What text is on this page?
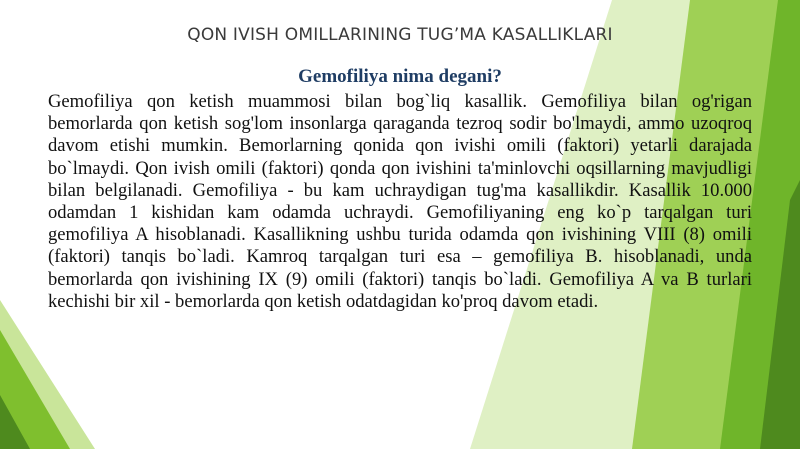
QON IVISH OMILLARINING TUG’MA KASALLIKLARI
Gemofiliya nima degani?
Gemofiliya qon ketish muammosi bilan bog`liq kasallik. Gemofiliya bilan og'rigan bemorlarda qon ketish sog'lom insonlarga qaraganda tezroq sodir bo'lmaydi, ammo uzoqroq davom etishi mumkin. Bemorlarning qonida qon ivishi omili (faktori) yetarli darajada bo`lmaydi. Qon ivish omili (faktori) qonda qon ivishini ta'minlovchi oqsillarning mavjudligi bilan belgilanadi. Gemofiliya - bu kam uchraydigan tug'ma kasallikdir. Kasallik 10.000 odamdan 1 kishidan kam odamda uchraydi. Gemofiliyaning eng ko`p tarqalgan turi gemofiliya A hisoblanadi. Kasallikning ushbu turida odamda qon ivishining VIII (8) omili (faktori) tanqis bo`ladi. Kamroq tarqalgan turi esa – gemofiliya B. hisoblanadi, unda bemorlarda qon ivishining IX (9) omili (faktori) tanqis bo`ladi. Gemofiliya A va B turlari kechishi bir xil - bemorlarda qon ketish odatdagidan ko'proq davom etadi.
